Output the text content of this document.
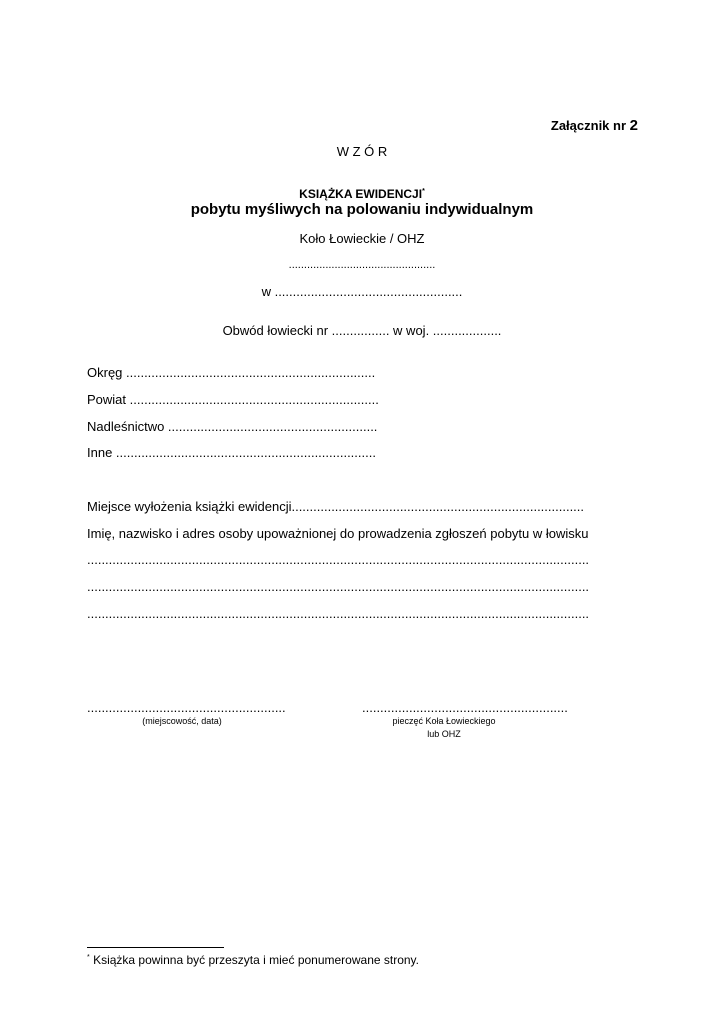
Załącznik nr 2
W Z Ó R
KSIĄŻKA EWIDENCJI*
pobytu myśliwych na polowaniu indywidualnym
Koło Łowieckie / OHZ
................................................
w ....................................................
Obwód łowiecki nr ................ w woj. ...................
Okręg .....................................................................
Powiat .....................................................................
Nadleśnictwo ..........................................................
Inne ........................................................................
Miejsce wyłożenia książki ewidencji.................................................................................
Imię, nazwisko i adres osoby upoważnionej do prowadzenia zgłoszeń pobytu w łowisku
...........................................................................................................................................
...........................................................................................................................................
...........................................................................................................................................
.......................................................
(miejscowość, data)
.........................................................
pieczęć Koła Łowieckiego
lub OHZ
* Książka powinna być przeszyta i mieć ponumerowane strony.
